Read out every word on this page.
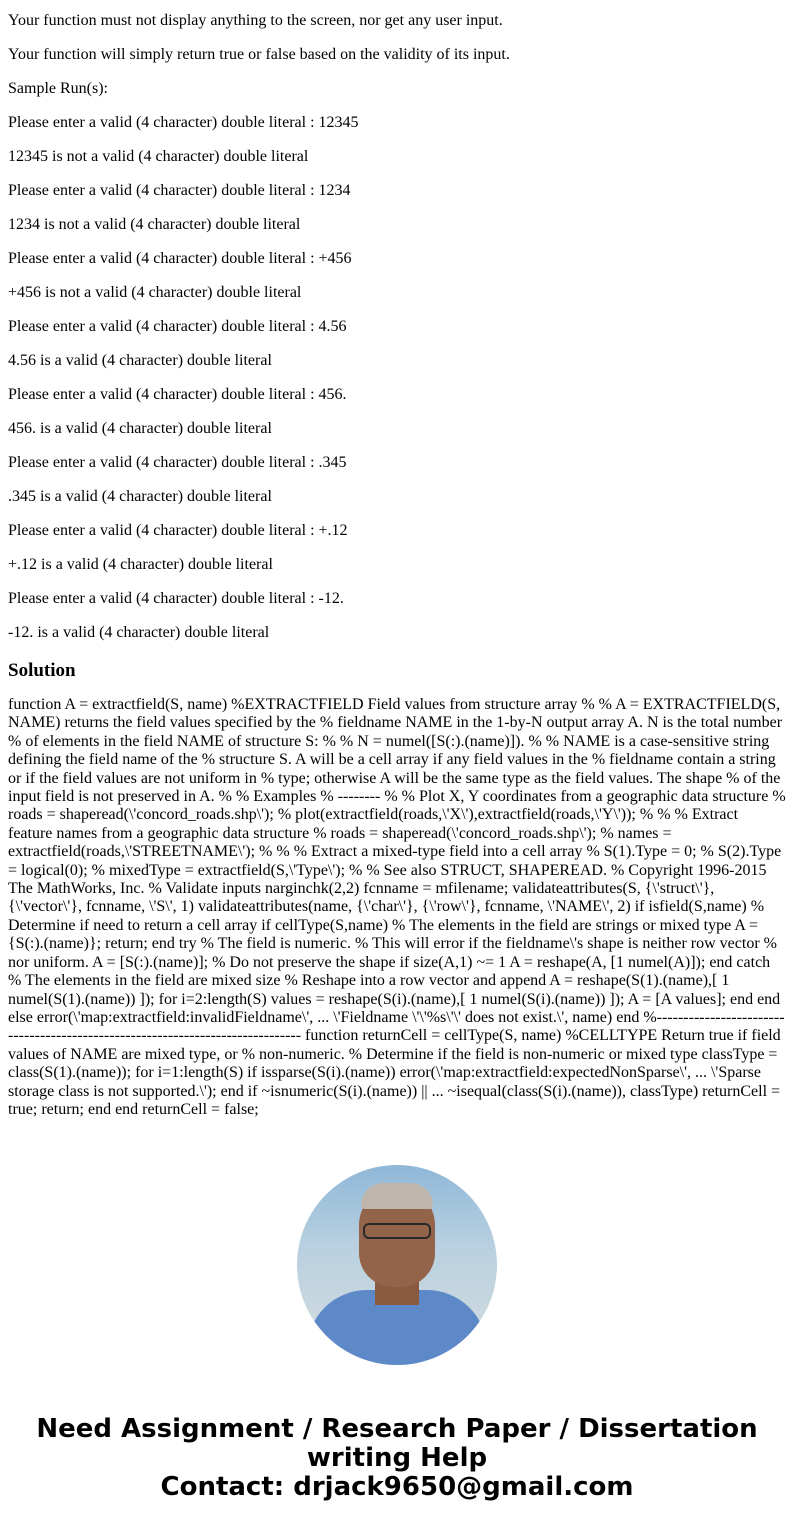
Your function must not display anything to the screen, nor get any user input.

Your function will simply return true or false based on the validity of its input.

Sample Run(s):

Please enter a valid (4 character) double literal : 12345

12345 is not a valid (4 character) double literal

Please enter a valid (4 character) double literal : 1234

1234 is not a valid (4 character) double literal

Please enter a valid (4 character) double literal : +456

+456 is not a valid (4 character) double literal

Please enter a valid (4 character) double literal : 4.56

4.56 is a valid (4 character) double literal

Please enter a valid (4 character) double literal : 456.

456. is a valid (4 character) double literal

Please enter a valid (4 character) double literal : .345

.345 is a valid (4 character) double literal

Please enter a valid (4 character) double literal : +.12

+.12 is a valid (4 character) double literal

Please enter a valid (4 character) double literal : -12.

-12. is a valid (4 character) double literal

Solution

function A = extractfield(S, name) %EXTRACTFIELD Field values from structure array % % A = EXTRACTFIELD(S, NAME) returns the field values specified by the % fieldname NAME in the 1-by-N output array A. N is the total number % of elements in the field NAME of structure S: % % N = numel([S(:).(name)]). % % NAME is a case-sensitive string defining the field name of the % structure S. A will be a cell array if any field values in the % fieldname contain a string or if the field values are not uniform in % type; otherwise A will be the same type as the field values. The shape % of the input field is not preserved in A. % % Examples % -------- % % Plot X, Y coordinates from a geographic data structure % roads = shaperead(\'concord_roads.shp\'); % plot(extractfield(roads,\'X\'),extractfield(roads,\'Y\')); % % % Extract feature names from a geographic data structure % roads = shaperead(\'concord_roads.shp\'); % names = extractfield(roads,\'STREETNAME\'); % % % Extract a mixed-type field into a cell array % S(1).Type = 0; % S(2).Type = logical(0); % mixedType = extractfield(S,\'Type\'); % % See also STRUCT, SHAPEREAD. % Copyright 1996-2015 The MathWorks, Inc. % Validate inputs narginchk(2,2) fcnname = mfilename; validateattributes(S, {\'struct\'}, {\'vector\'}, fcnname, \'S\', 1) validateattributes(name, {\'char\'}, {\'row\'}, fcnname, \'NAME\', 2) if isfield(S,name) % Determine if need to return a cell array if cellType(S,name) % The elements in the field are strings or mixed type A = {S(:).(name)}; return; end try % The field is numeric. % This will error if the fieldname\'s shape is neither row vector % nor uniform. A = [S(:).(name)]; % Do not preserve the shape if size(A,1) ~= 1 A = reshape(A, [1 numel(A)]); end catch % The elements in the field are mixed size % Reshape into a row vector and append A = reshape(S(1).(name),[ 1 numel(S(1).(name)) ]); for i=2:length(S) values = reshape(S(i).(name),[ 1 numel(S(i).(name)) ]); A = [A values]; end end else error(\'map:extractfield:invalidFieldname\', ... \'Fieldname \'\'%s\'\' does not exist.\', name) end %------------------------------------------------------------------------------- function returnCell = cellType(S, name) %CELLTYPE Return true if field values of NAME are mixed type, or % non-numeric. % Determine if the field is non-numeric or mixed type classType = class(S(1).(name)); for i=1:length(S) if issparse(S(i).(name)) error(\'map:extractfield:expectedNonSparse\', ... \'Sparse storage class is not supported.\'); end if ~isnumeric(S(i).(name)) || ... ~isequal(class(S(i).(name)), classType) returnCell = true; return; end end returnCell = false;

Need Assignment / Research Paper / Dissertation writing Help
Contact: drjack9650@gmail.com
